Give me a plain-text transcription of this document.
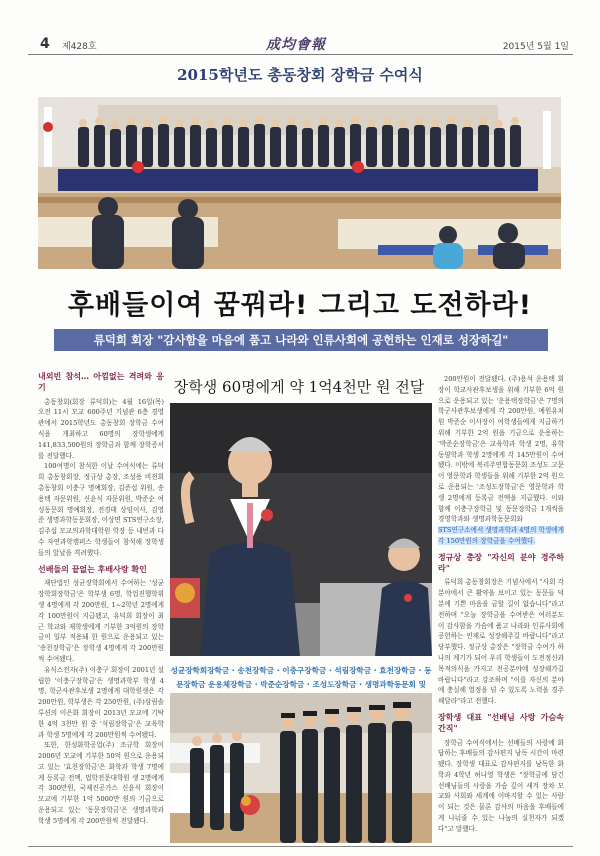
4 제428호	成均會報	2015년 5월 1일
2015학년도 총동창회 장학금 수여식
후배들이여 꿈꿔라! 그리고 도전하라!
류덕희 회장 "감사함을 마음에 품고 나라와 인류사회에 공헌하는 인재로 성장하길"
내외빈 참석… 아낌없는 격려와 응기

총동창회(회장 류덕희)는 4월 16일(목) 오전 11시 모교 600주년 기념관 6층 경영관에서 2015학년도 총동창회 장학금 수여식을 개최하고 60명의 장학생에게 141,833,500원의 장학금과 함께 장학증서를 전달했다.

100여명이 참석한 이날 수여식에는 류덕희 총동창회장, 정규상 총장, 조성용 비전회 총동창회 이충구 명예회장, 김준섭 위원, 송용택 자문위원, 신윤식 자문위원, 박준순 여성동문회 명예회장, 전경태 상임이사, 김영준 생명과학동문회장, 이상면 STS연구소장, 김주섭 모교의과학대학원 학장 등 내빈과 다수 자연과학캠퍼스 학생들이 참석해 장학생들의 앞날을 격려했다.

선배들의 끝없는 후배사랑 확인

재단법인 성균장학회에서 수여하는 '성균장학회장학금'은 학부생 6명, 학업진행학위생 4명에게 각 200만원, 1~2학년 2명에게 각 100만원이 지급됐고, 유덕희 회장이 최근 학교와 재학생에게 기부한 3억원의 장학금이 일부 적용돼 한 원으로 운용되고 있는 '송천장학금'은 장학생 4명에게 각 200만원씩 수여됐다.

유식스전자(주) 이충구 회장이 2001년 설립한 '이충구장학금'은 생명과학부 학생 4명, 학군사관후보생 2명에게 대학원생은 각 200만원, 학부생은 각 250만원, (주)삼림솔루션의 이은화 회장이 2013년 모교에 기탁한 4억 3천만 원 중 '석림장학금'은 교육학과 학생 5명에게 각 200만원씩 수여됐다.

또한, 한성화학공업(주) 조규학 회장이 2006년 모교에 기부한 50억 원으로 운용되고 있는 '효천장학금'은 화학과 학생 7명에게 등록금 전액, 법학전문대학원 생 2명에게 각 300만원, 국제진공가스 신윤식 회장이 모교에 기부한 1억 5000만 원의 기금으로 운용되고 있는 '동문장학금'은 생명과학과 학생 5명에게 각 200만원씩 전달됐다.

장학생 60명에게 약 1억4천만 원 전달
성균장학회장학금 · 송천장학금 · 이충구장학금 · 석림장학금 · 효천장학금 · 동문장학금 운용체장학금 · 박준순장학금 · 조성도장학금 · 생명과학동문회 및

200만원이 전달됐다. (주)용석 운용택 회장이 학교사관후보생을 위해 기부한 6억 원으로 운용되고 있는 '운용택장학금'은 7명의 학군사관후보생에게 각 200만원, 예원유치원 박준순 이사장이 여학생들에게 지급하기 위해 기부한 2억 원을 기금으로 운용하는 '박준순장학금'은 교육학과 학생 2명, 유학동양학과 학생 2명에게 각 145만원이 수여됐다. 이밖에 복리주연합동문회 조성도 고문이 영문학과 학생들을 위해 기부한 2억 원으로 운용되는 '조성도장학금'은 영문학과 학생 2명에게 등록금 전액을 지급했다. 이와 함께 이충구장학금 및 동문장학금 1개씩을 경영학과와 생명과학동문회와

STS연구소에서 생명과학과 4명의 학생에게 각 150만원의 장학금을 수여했다.

정규상 총장 "자신의 분야 경주하라"

류덕희 총동창회장은 기념사에서 "사회 각 분야에서 큰 활약을 보이고 있는 동문들 덕분에 기쁜 마음을 금할 길이 없습니다"라고 전하며 "오늘 장학금을 수여받은 여러분도 이 감사함을 가슴에 품고 나라와 인류사회에 공헌하는 인재로 성장해주길 바랍니다"라고 당부했다. 정규상 총장은 "장학금 수여가 하나의 계기가 되어 우리 학생들이 도전정신과 목적의식을 가지고 전공분야에 성장해가길 바랍니다"라고 강조하며 "이를 자신의 분야에 충실해 열정을 넘 수 있도록 노력을 경주해달라"라고 전했다.

장학생 대표 "선배님 사랑 가슴속 간직"

장학금 수여식에서는 선배들의 사랑에 화답하는 후배들의 감사편지 낭독 시간이 마련됐다. 장학생 대표로 감사편지를 낭독한 화학과 4학년 허나영 학생은 "장학금에 담긴 선배님들의 사랑을 가슴 깊이 새겨 장차 모교와 사회와 세계에 이바지할 수 있는 사람이 되는 것은 물론 감사의 마음을 후배들에게 나눠줄 수 있는 나눔의 실천자가 되겠다"고 말했다.
